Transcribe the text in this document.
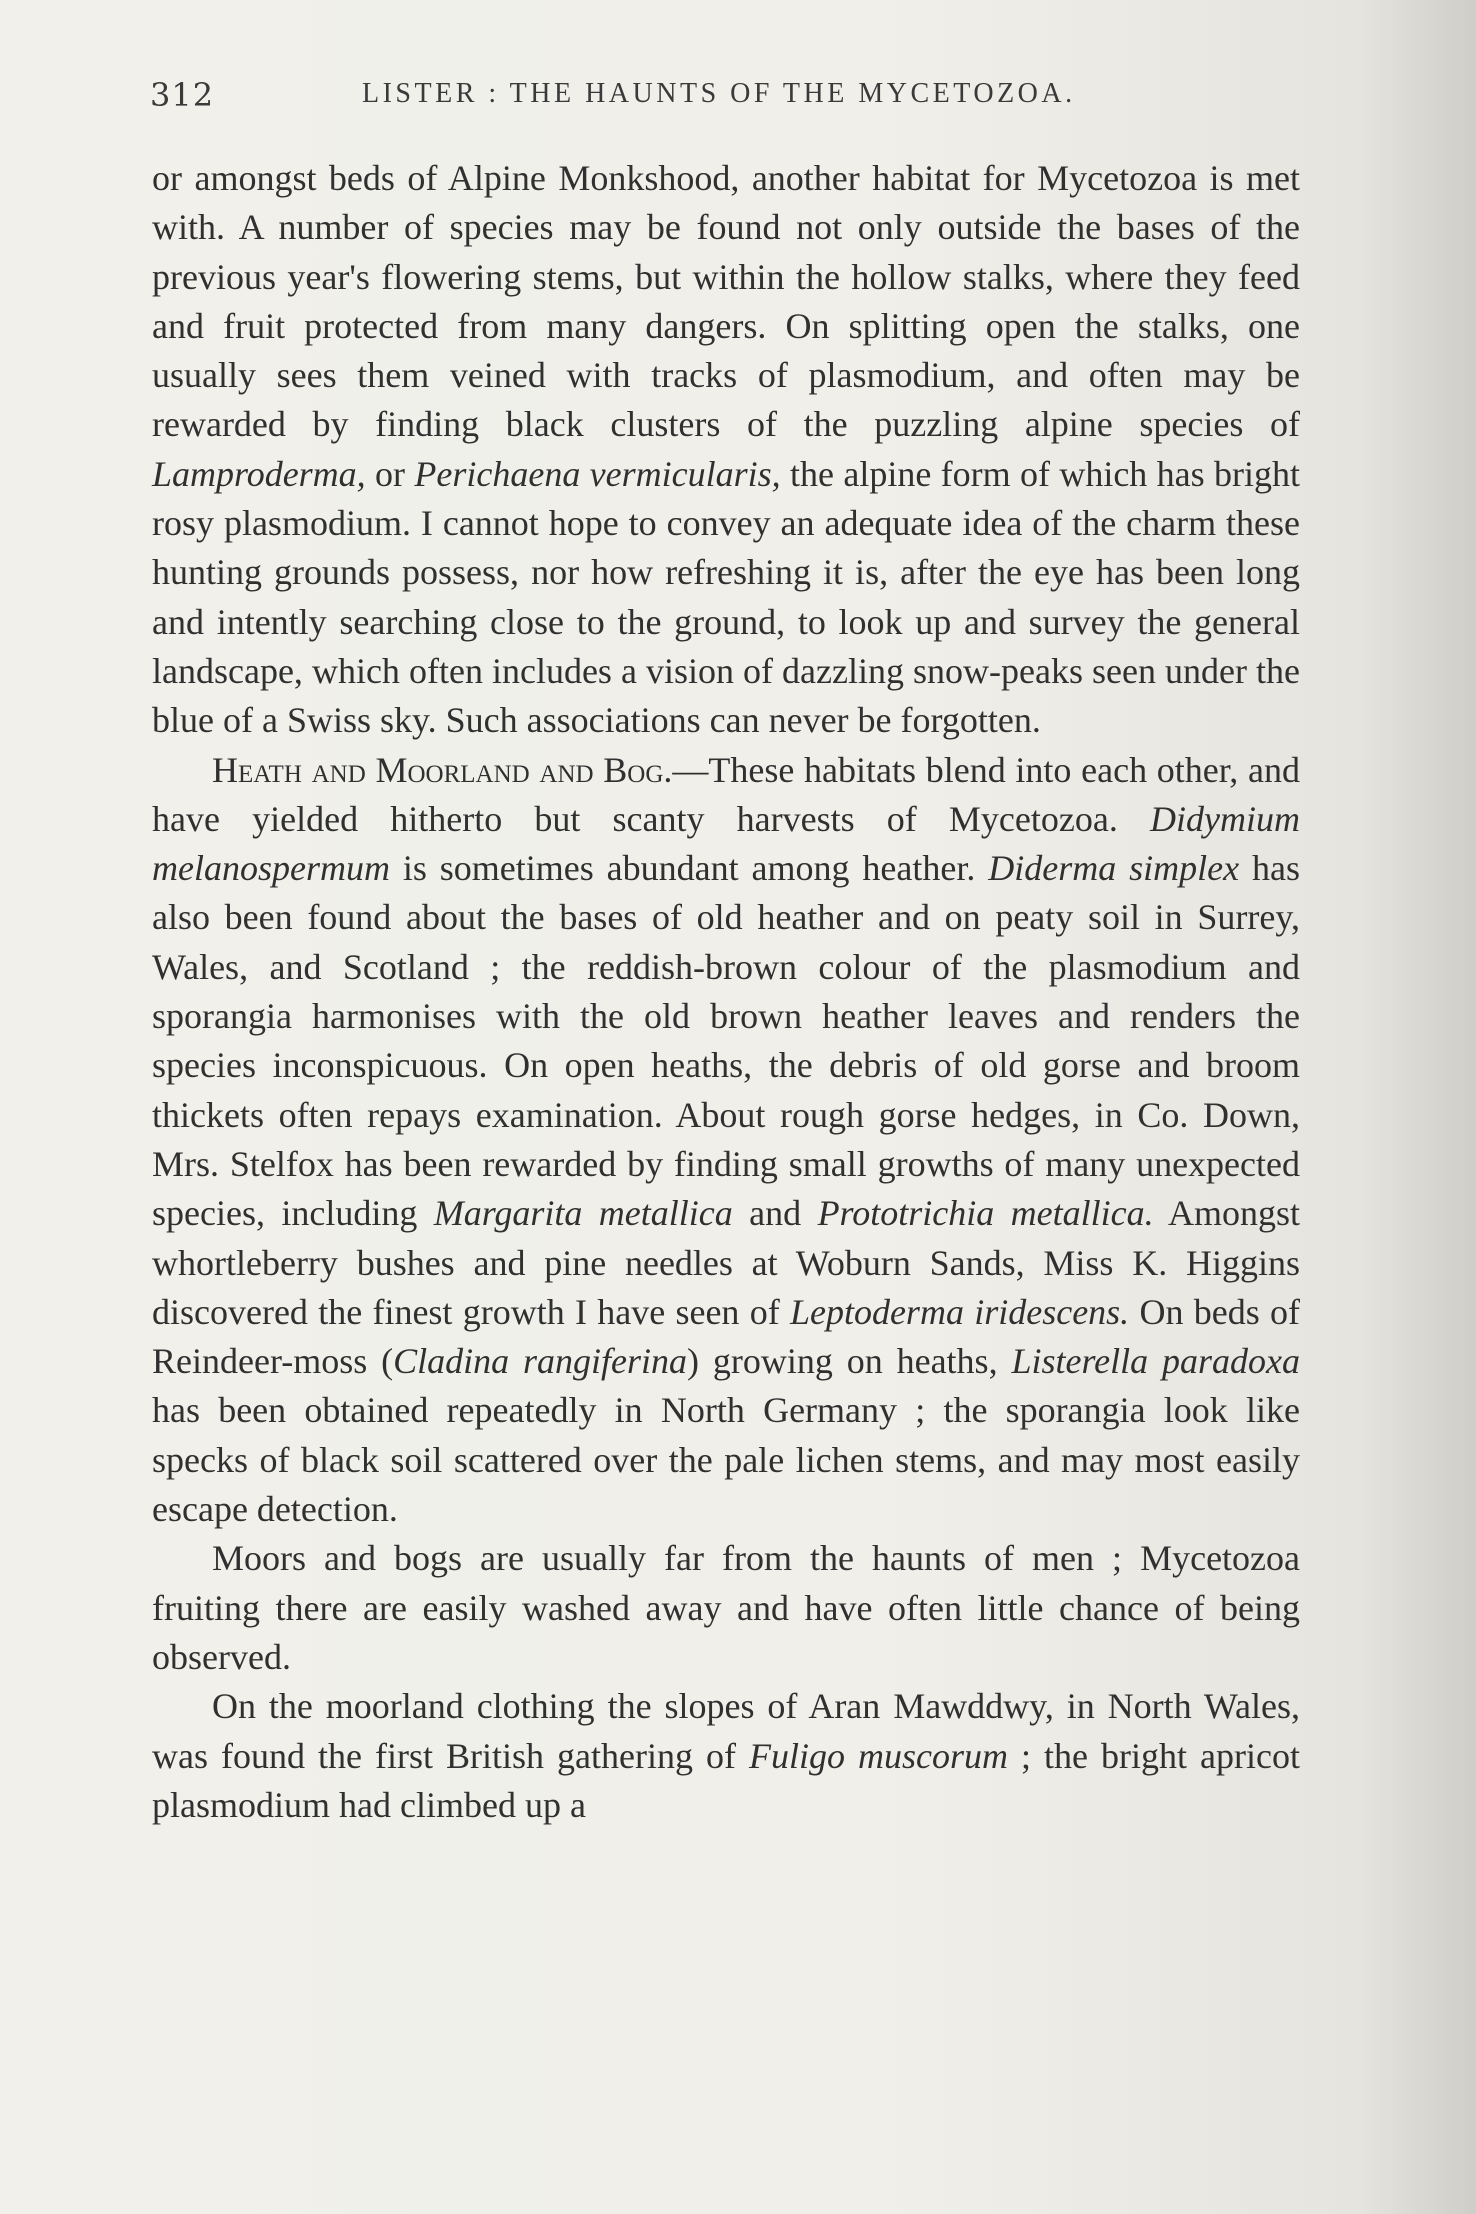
312	LISTER : THE HAUNTS OF THE MYCETOZOA.

or amongst beds of Alpine Monkshood, another habitat for Mycetozoa is met with. A number of species may be found not only outside the bases of the previous year's flowering stems, but within the hollow stalks, where they feed and fruit protected from many dangers. On splitting open the stalks, one usually sees them veined with tracks of plasmodium, and often may be rewarded by finding black clusters of the puzzling alpine species of Lamproderma, or Perichaena vermicularis, the alpine form of which has bright rosy plasmodium. I cannot hope to convey an adequate idea of the charm these hunting grounds possess, nor how refreshing it is, after the eye has been long and intently searching close to the ground, to look up and survey the general landscape, which often includes a vision of dazzling snow-peaks seen under the blue of a Swiss sky. Such associations can never be forgotten.

Heath and Moorland and Bog.—These habitats blend into each other, and have yielded hitherto but scanty harvests of Mycetozoa. Didymium melanospermum is sometimes abundant among heather. Diderma simplex has also been found about the bases of old heather and on peaty soil in Surrey, Wales, and Scotland ; the reddish-brown colour of the plasmodium and sporangia harmonises with the old brown heather leaves and renders the species inconspicuous. On open heaths, the debris of old gorse and broom thickets often repays examination. About rough gorse hedges, in Co. Down, Mrs. Stelfox has been rewarded by finding small growths of many unexpected species, including Margarita metallica and Prototrichia metallica. Amongst whortleberry bushes and pine needles at Woburn Sands, Miss K. Higgins discovered the finest growth I have seen of Leptoderma iridescens. On beds of Reindeer-moss (Cladina rangiferina) growing on heaths, Listerella paradoxa has been obtained repeatedly in North Germany ; the sporangia look like specks of black soil scattered over the pale lichen stems, and may most easily escape detection.

Moors and bogs are usually far from the haunts of men ; Mycetozoa fruiting there are easily washed away and have often little chance of being observed.

On the moorland clothing the slopes of Aran Mawddwy, in North Wales, was found the first British gathering of Fuligo muscorum ; the bright apricot plasmodium had climbed up a
